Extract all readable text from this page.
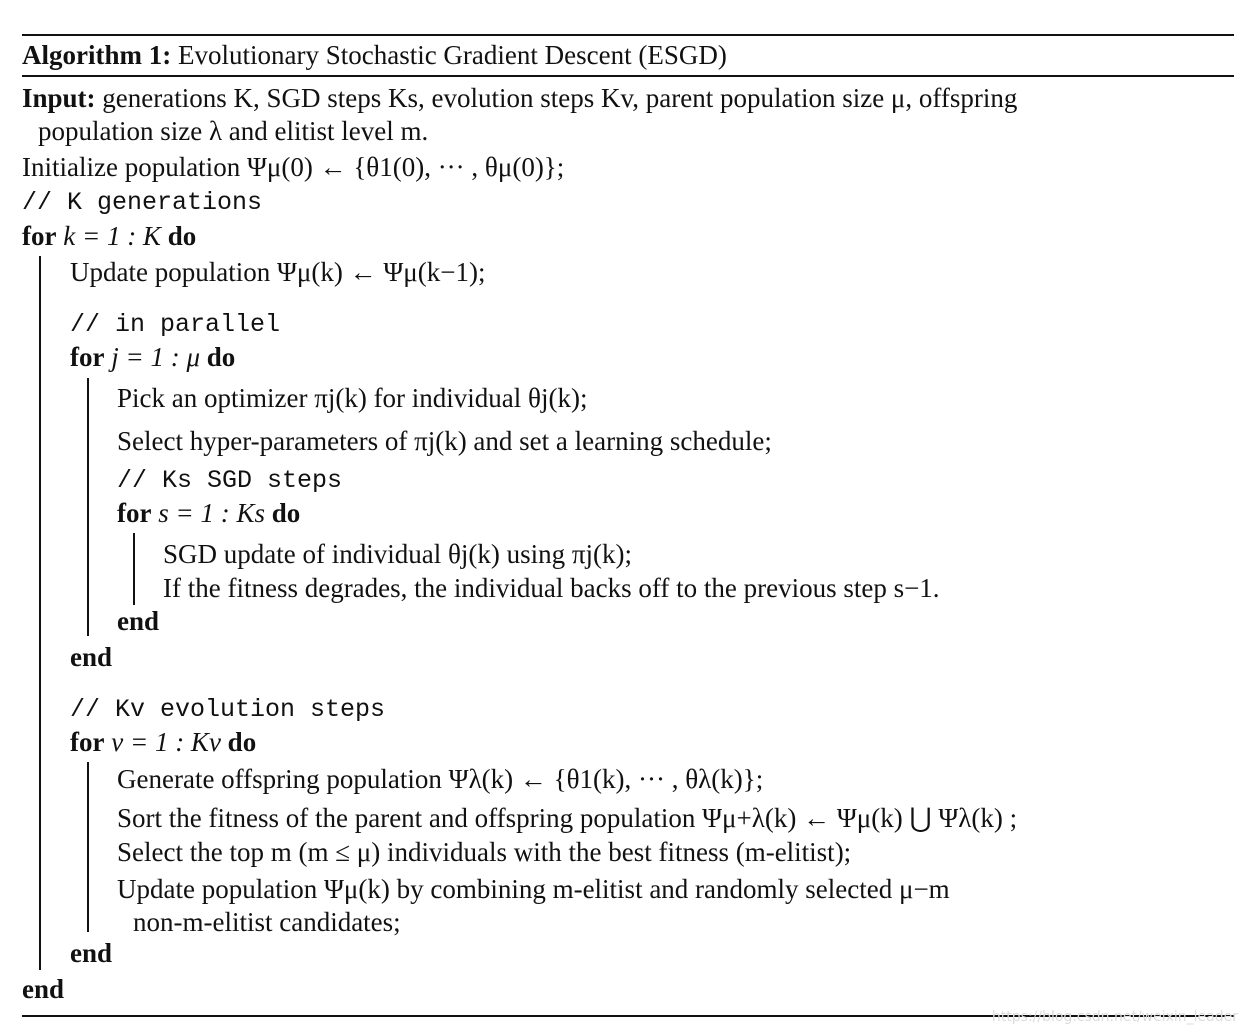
Algorithm 1: Evolutionary Stochastic Gradient Descent (ESGD)
Input: generations K, SGD steps Ks, evolution steps Kv, parent population size μ, offspring
population size λ and elitist level m.
Initialize population Ψμ(0) ← {θ1(0), ··· , θμ(0)};
// K generations
for k = 1 : K do
Update population Ψμ(k) ← Ψμ(k−1);
// in parallel
for j = 1 : μ do
Pick an optimizer πj(k) for individual θj(k);
Select hyper-parameters of πj(k) and set a learning schedule;
// Ks SGD steps
for s = 1 : Ks do
SGD update of individual θj(k) using πj(k);
If the fitness degrades, the individual backs off to the previous step s−1.
end
end
// Kv evolution steps
for v = 1 : Kv do
Generate offspring population Ψλ(k) ← {θ1(k), ··· , θλ(k)};
Sort the fitness of the parent and offspring population Ψμ+λ(k) ← Ψμ(k) ⋃ Ψλ(k) ;
Select the top m (m ≤ μ) individuals with the best fitness (m-elitist);
Update population Ψμ(k) by combining m-elitist and randomly selected μ−m
non-m-elitist candidates;
end
end
https://blog.csdn.net/weixin_leader
